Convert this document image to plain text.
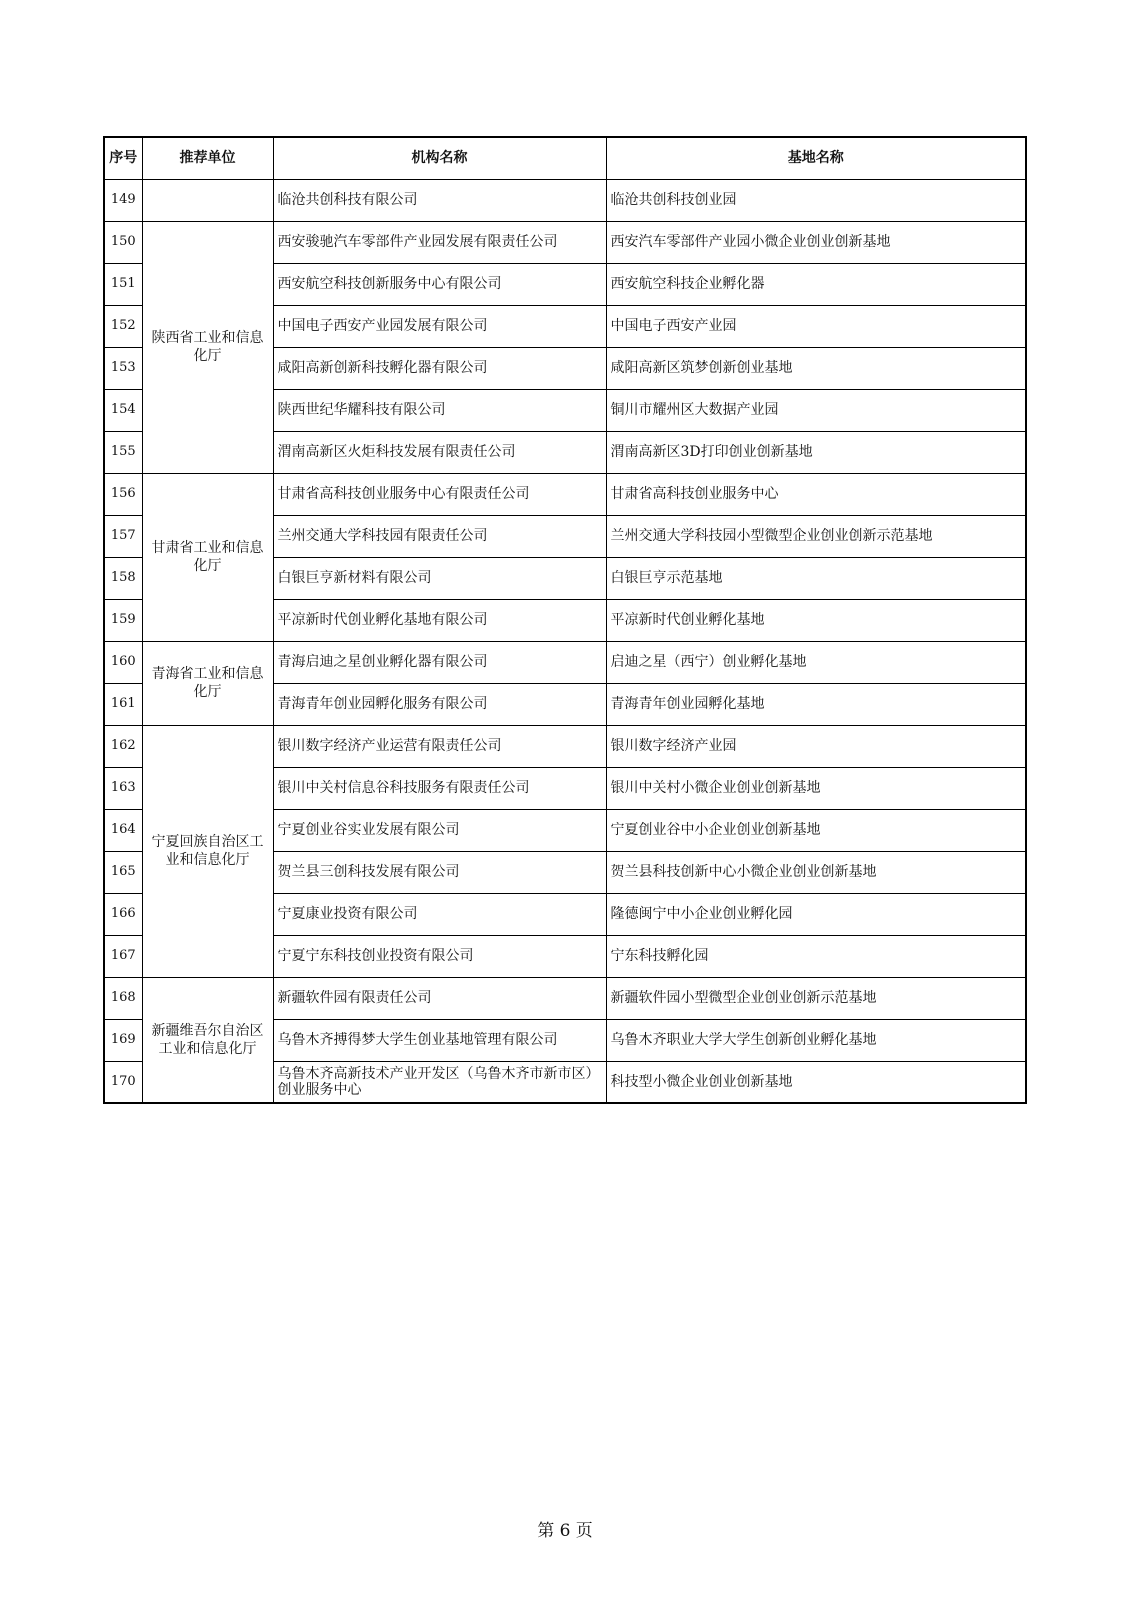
序号	推荐单位	机构名称	基地名称
149		临沧共创科技有限公司	临沧共创科技创业园
150	陕西省工业和信息化厅	西安骏驰汽车零部件产业园发展有限责任公司	西安汽车零部件产业园小微企业创业创新基地
151		西安航空科技创新服务中心有限公司	西安航空科技企业孵化器
152		中国电子西安产业园发展有限公司	中国电子西安产业园
153		咸阳高新创新科技孵化器有限公司	咸阳高新区筑梦创新创业基地
154		陕西世纪华耀科技有限公司	铜川市耀州区大数据产业园
155		渭南高新区火炬科技发展有限责任公司	渭南高新区3D打印创业创新基地
156	甘肃省工业和信息化厅	甘肃省高科技创业服务中心有限责任公司	甘肃省高科技创业服务中心
157		兰州交通大学科技园有限责任公司	兰州交通大学科技园小型微型企业创业创新示范基地
158		白银巨亨新材料有限公司	白银巨亨示范基地
159		平凉新时代创业孵化基地有限公司	平凉新时代创业孵化基地
160	青海省工业和信息化厅	青海启迪之星创业孵化器有限公司	启迪之星（西宁）创业孵化基地
161		青海青年创业园孵化服务有限公司	青海青年创业园孵化基地
162	宁夏回族自治区工业和信息化厅	银川数字经济产业运营有限责任公司	银川数字经济产业园
163		银川中关村信息谷科技服务有限责任公司	银川中关村小微企业创业创新基地
164		宁夏创业谷实业发展有限公司	宁夏创业谷中小企业创业创新基地
165		贺兰县三创科技发展有限公司	贺兰县科技创新中心小微企业创业创新基地
166		宁夏康业投资有限公司	隆德闽宁中小企业创业孵化园
167		宁夏宁东科技创业投资有限公司	宁东科技孵化园
168	新疆维吾尔自治区工业和信息化厅	新疆软件园有限责任公司	新疆软件园小型微型企业创业创新示范基地
169		乌鲁木齐搏得梦大学生创业基地管理有限公司	乌鲁木齐职业大学大学生创新创业孵化基地
170		乌鲁木齐高新技术产业开发区（乌鲁木齐市新市区）创业服务中心	科技型小微企业创业创新基地
第 6 页
